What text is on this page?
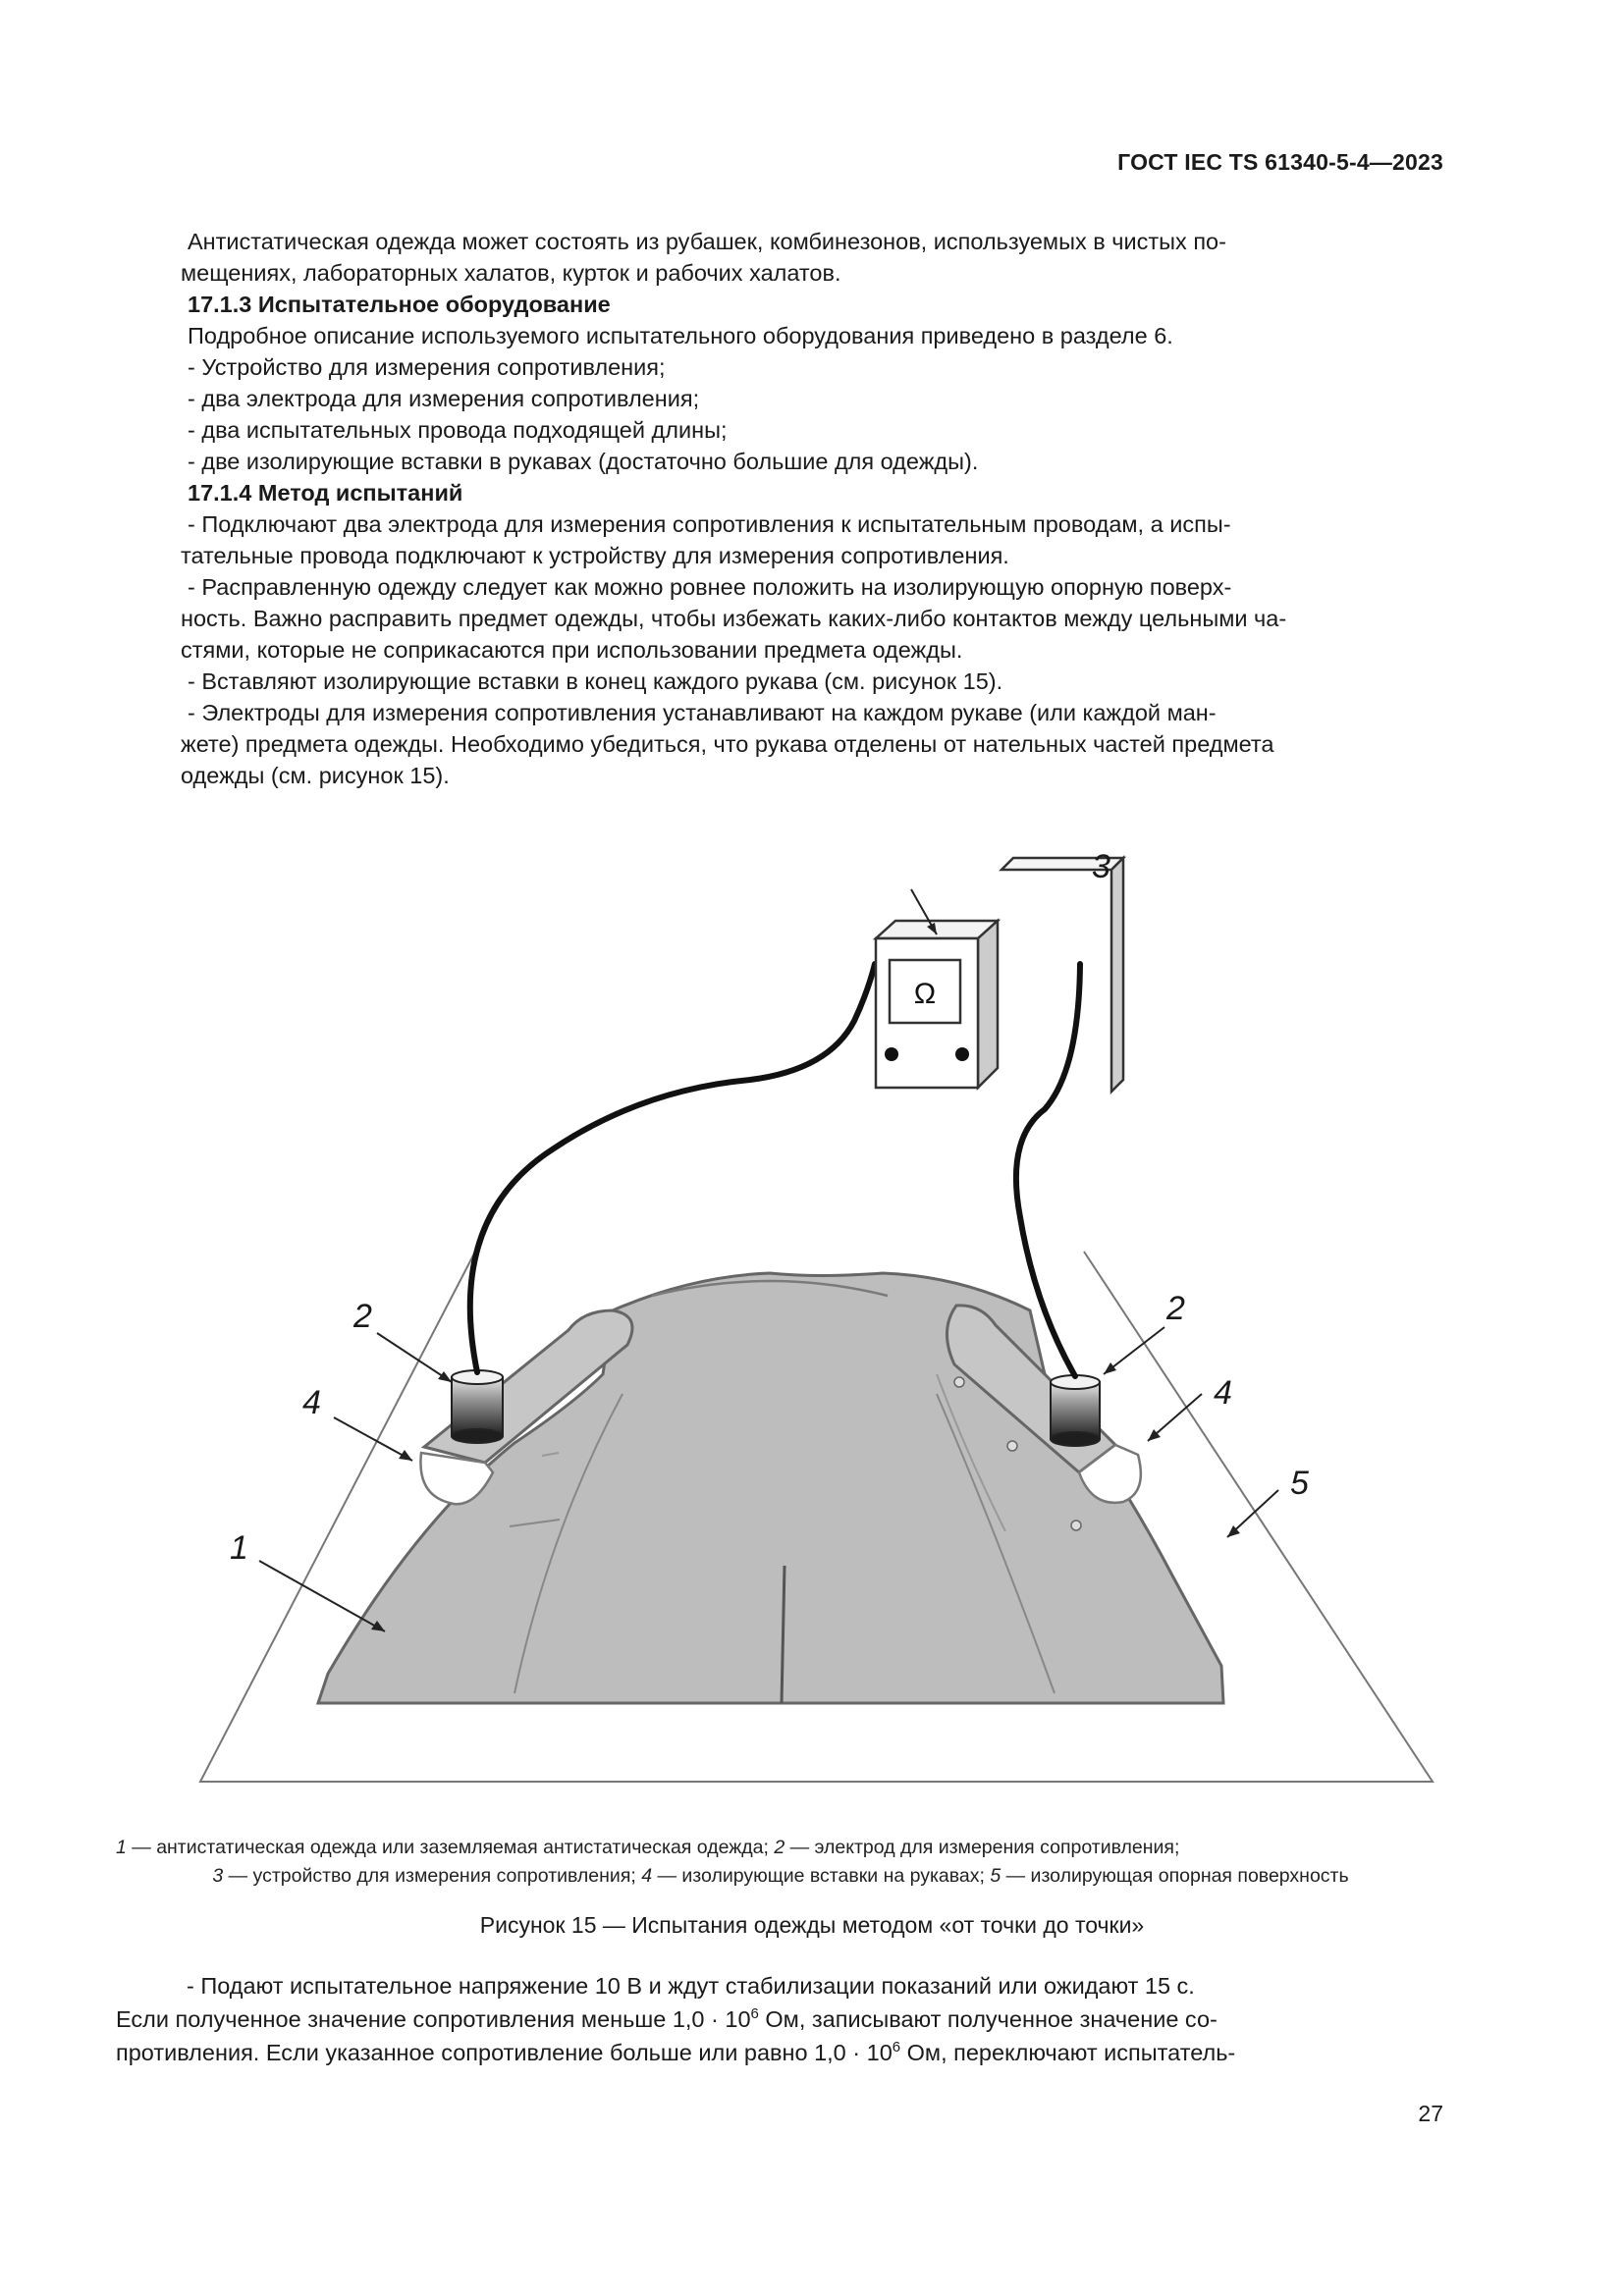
ГОСТ IEC TS 61340-5-4—2023

Антистатическая одежда может состоять из рубашек, комбинезонов, используемых в чистых по-

мещениях, лабораторных халатов, курток и рабочих халатов.

17.1.3 Испытательное оборудование

Подробное описание используемого испытательного оборудования приведено в разделе 6.

- Устройство для измерения сопротивления;

- два электрода для измерения сопротивления;

- два испытательных провода подходящей длины;

- две изолирующие вставки в рукавах (достаточно большие для одежды).

17.1.4 Метод испытаний

- Подключают два электрода для измерения сопротивления к испытательным проводам, а испы-

тательные провода подключают к устройству для измерения сопротивления.

- Расправленную одежду следует как можно ровнее положить на изолирующую опорную поверх-

ность. Важно расправить предмет одежды, чтобы избежать каких-либо контактов между цельными ча-

стями, которые не соприкасаются при использовании предмета одежды.

- Вставляют изолирующие вставки в конец каждого рукава (см. рисунок 15).

- Электроды для измерения сопротивления устанавливают на каждом рукаве (или каждой ман-

жете) предмета одежды. Необходимо убедиться, что рукава отделены от нательных частей предмета

одежды (см. рисунок 15).

Ω
3
2
4
1
2
4
5

1 — антистатическая одежда или заземляемая антистатическая одежда; 2 — электрод для измерения сопротивления;

3 — устройство для измерения сопротивления; 4 — изолирующие вставки на рукавах; 5 — изолирующая опорная поверхность

Рисунок 15 — Испытания одежды методом «от точки до точки»

- Подают испытательное напряжение 10 В и ждут стабилизации показаний или ожидают 15 с.

Если полученное значение сопротивления меньше $1,0 \cdot 10^6$ Ом, записывают полученное значение со-

противления. Если указанное сопротивление больше или равно $1,0 \cdot 10^6$ Ом, переключают испытатель-

27
